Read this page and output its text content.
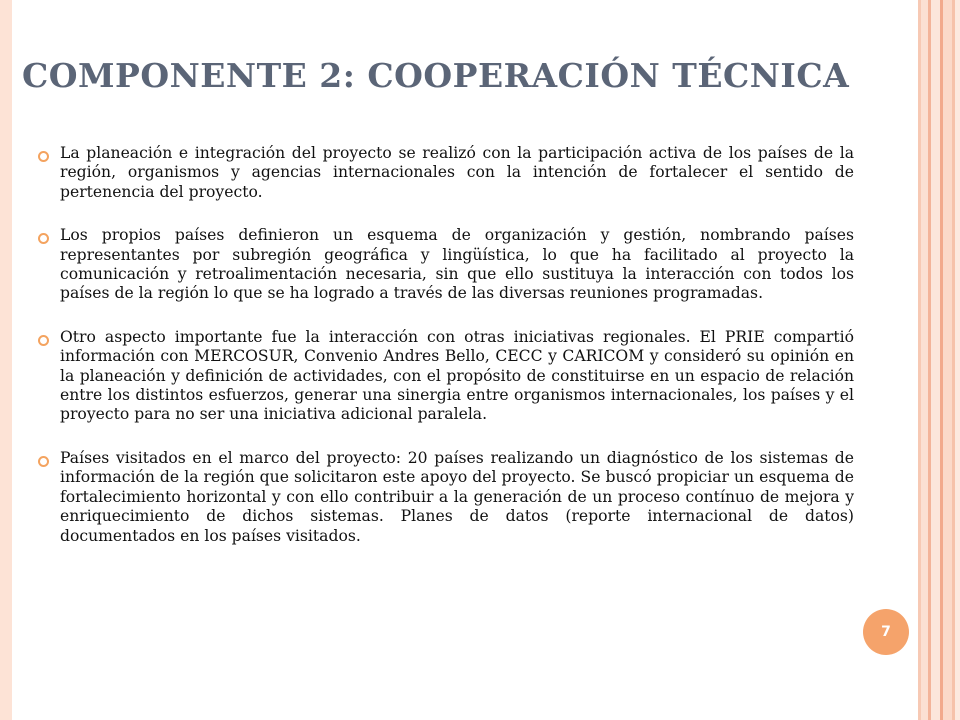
COMPONENTE 2: COOPERACIÓN TÉCNICA

La planeación e integración del proyecto se realizó con la participación activa de los países de la región, organismos y agencias internacionales con la intención de fortalecer el sentido de pertenencia del proyecto.

Los propios países definieron un esquema de organización y gestión, nombrando países representantes por subregión geográfica y lingüística, lo que ha facilitado al proyecto la comunicación y retroalimentación necesaria, sin que ello sustituya la interacción con todos los países de la región lo que se ha logrado a través de las diversas reuniones programadas.

Otro aspecto importante fue la interacción con otras iniciativas regionales. El PRIE compartió información con MERCOSUR, Convenio Andres Bello, CECC y CARICOM y consideró su opinión en la planeación y definición de actividades, con el propósito de constituirse en un espacio de relación entre los distintos esfuerzos, generar una sinergia entre organismos internacionales, los países y el proyecto para no ser una iniciativa adicional paralela.

Países visitados en el marco del proyecto: 20 países realizando un diagnóstico de los sistemas de información de la región que solicitaron este apoyo del proyecto. Se buscó propiciar un esquema de fortalecimiento horizontal y con ello contribuir a la generación de un proceso contínuo de mejora y enriquecimiento de dichos sistemas. Planes de datos (reporte internacional de datos) documentados en los países visitados.

7
